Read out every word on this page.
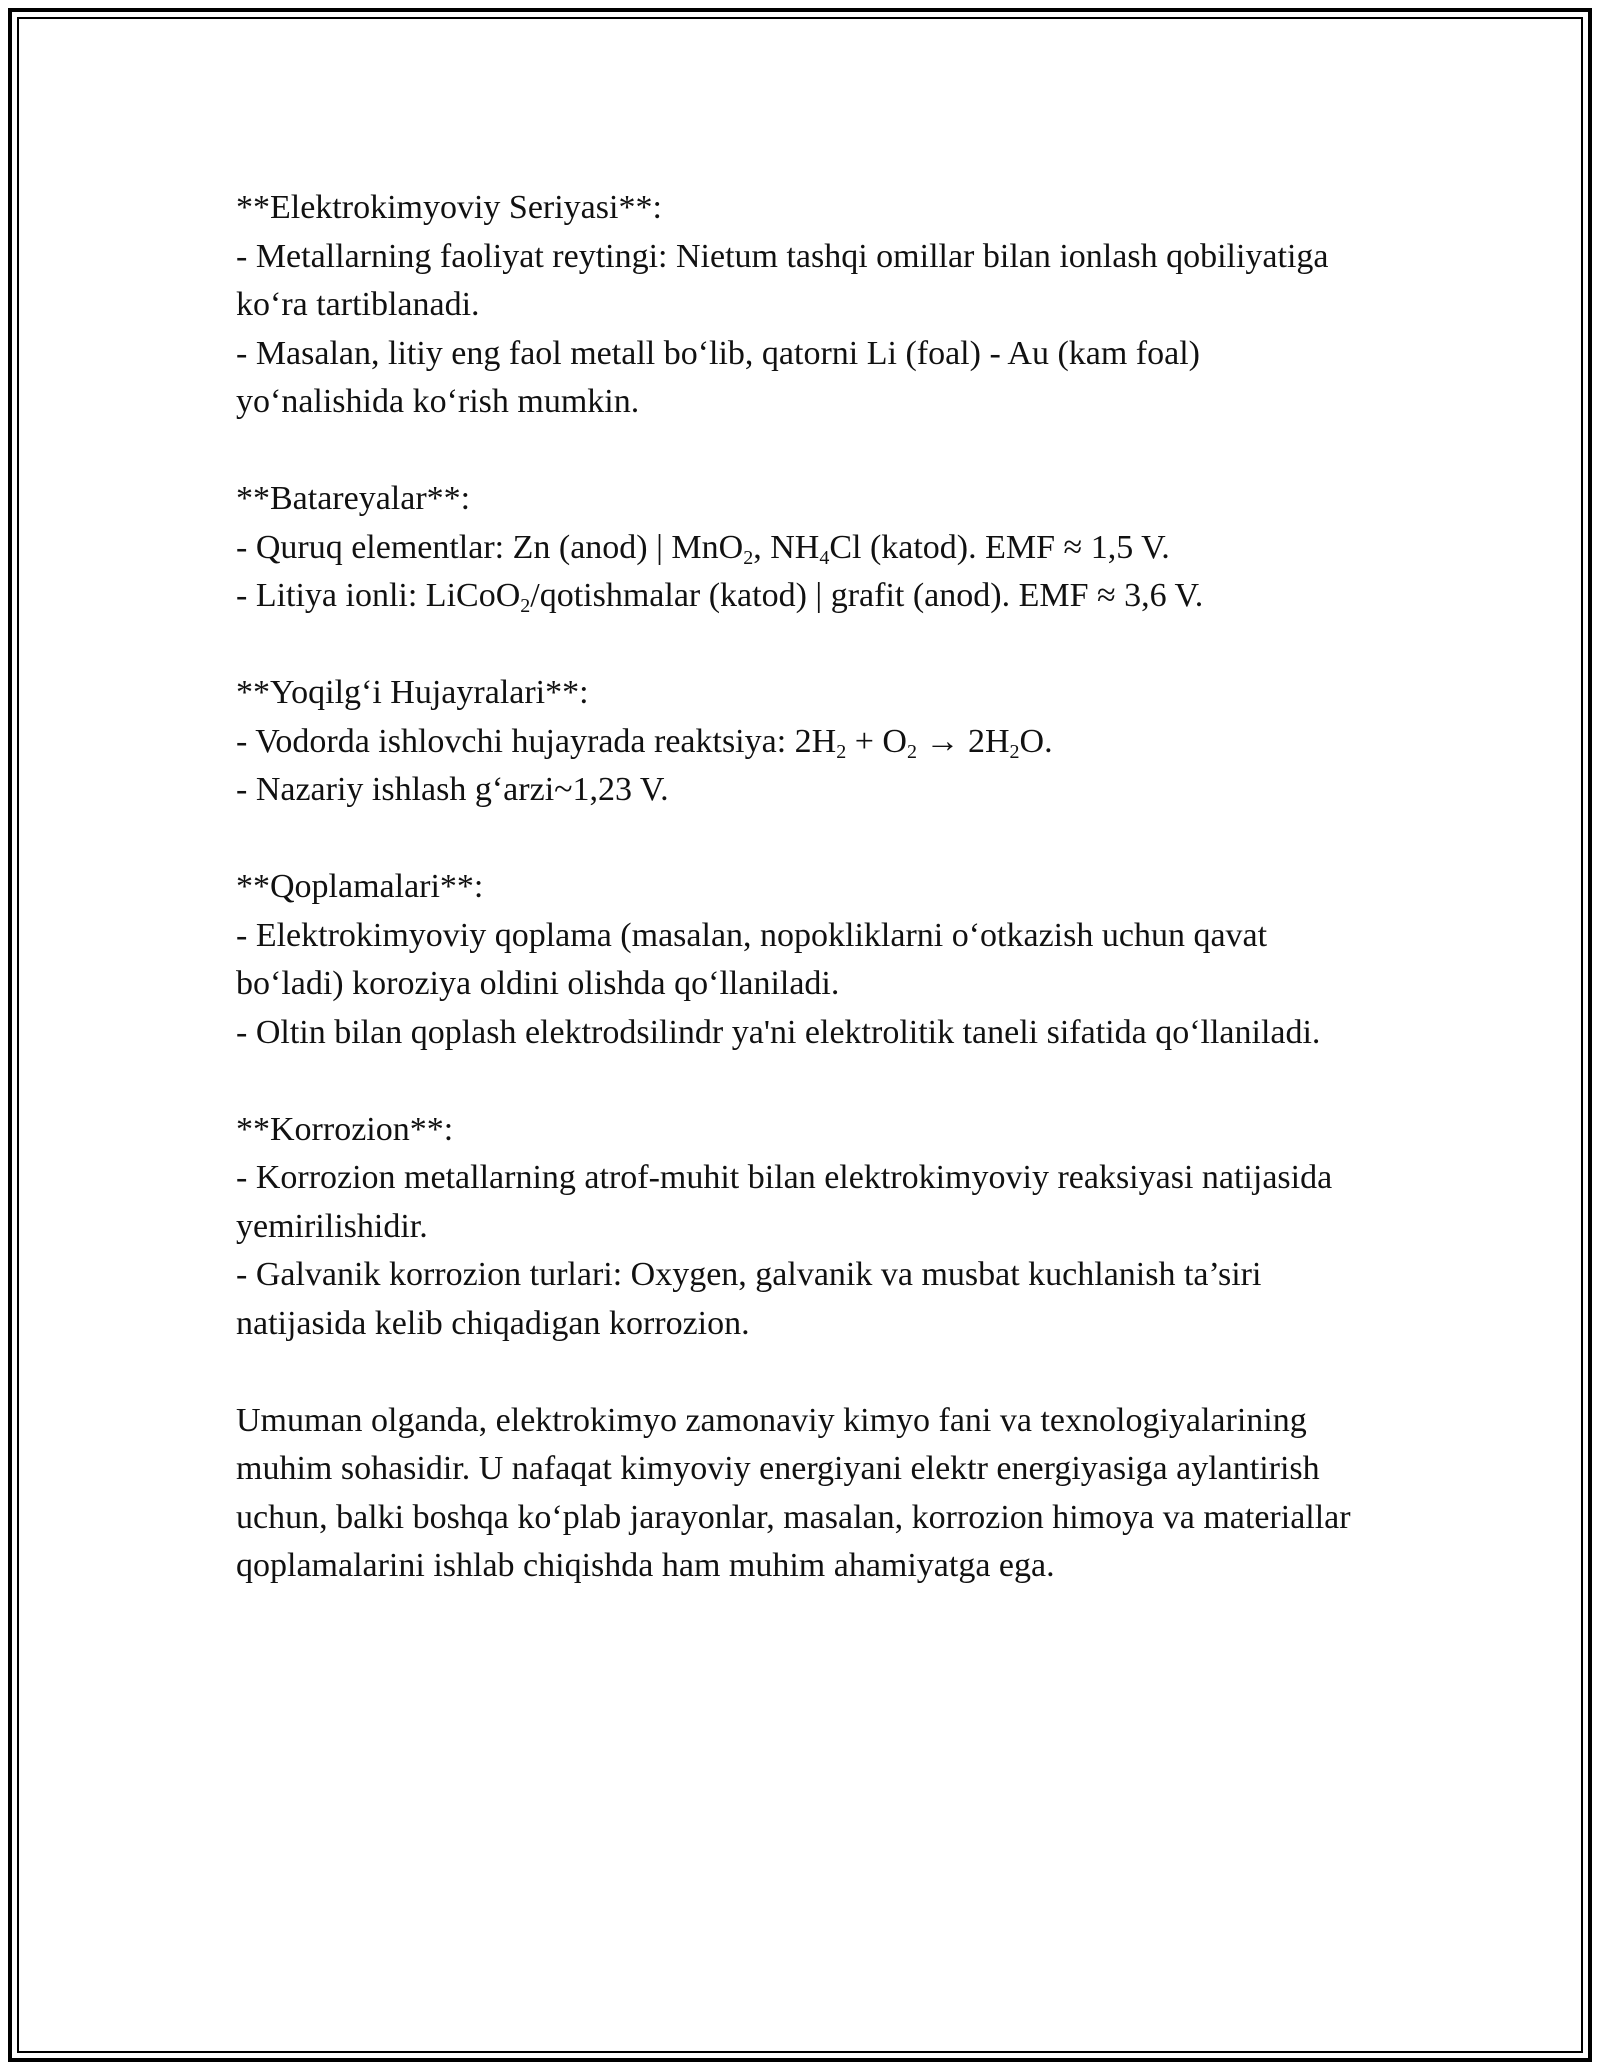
**Elektrokimyoviy Seriyasi**:

- Metallarning faoliyat reytingi: Nietum tashqi omillar bilan ionlash qobiliyatiga ko‘ra tartiblanadi.

- Masalan, litiy eng faol metall bo‘lib, qatorni Li (foal) - Au (kam foal) yo‘nalishida ko‘rish mumkin.

**Batareyalar**:

- Quruq elementlar: Zn (anod) | MnO$_2$, $NH_4Cl$ (katod). EMF ≈ 1,5 V.

- Litiya ionli: LiCoO$_2$/qotishmalar (katod) | grafit (anod). EMF ≈ 3,6 V.

**Yoqilg‘i Hujayralari**:

- Vodorda ishlovchi hujayrada reaktsiya: $2H_2 + O_2 \to 2H_2O$.

- Nazariy ishlash g‘arzi~1,23 V.

**Qoplamalari**:

- Elektrokimyoviy qoplama (masalan, nopokliklarni o‘otkazish uchun qavat bo‘ladi) koroziya oldini olishda qo‘llaniladi.

- Oltin bilan qoplash elektrodsilindr ya'ni elektrolitik taneli sifatida qo‘llaniladi.

**Korrozion**:

- Korrozion metallarning atrof-muhit bilan elektrokimyoviy reaksiyasi natijasida yemirilishidir.

- Galvanik korrozion turlari: Oxygen, galvanik va musbat kuchlanish ta’siri natijasida kelib chiqadigan korrozion.

Umuman olganda, elektrokimyo zamonaviy kimyo fani va texnologiyalarining muhim sohasidir. U nafaqat kimyoviy energiyani elektr energiyasiga aylantirish uchun, balki boshqa ko‘plab jarayonlar, masalan, korrozion himoya va materiallar qoplamalarini ishlab chiqishda ham muhim ahamiyatga ega.
